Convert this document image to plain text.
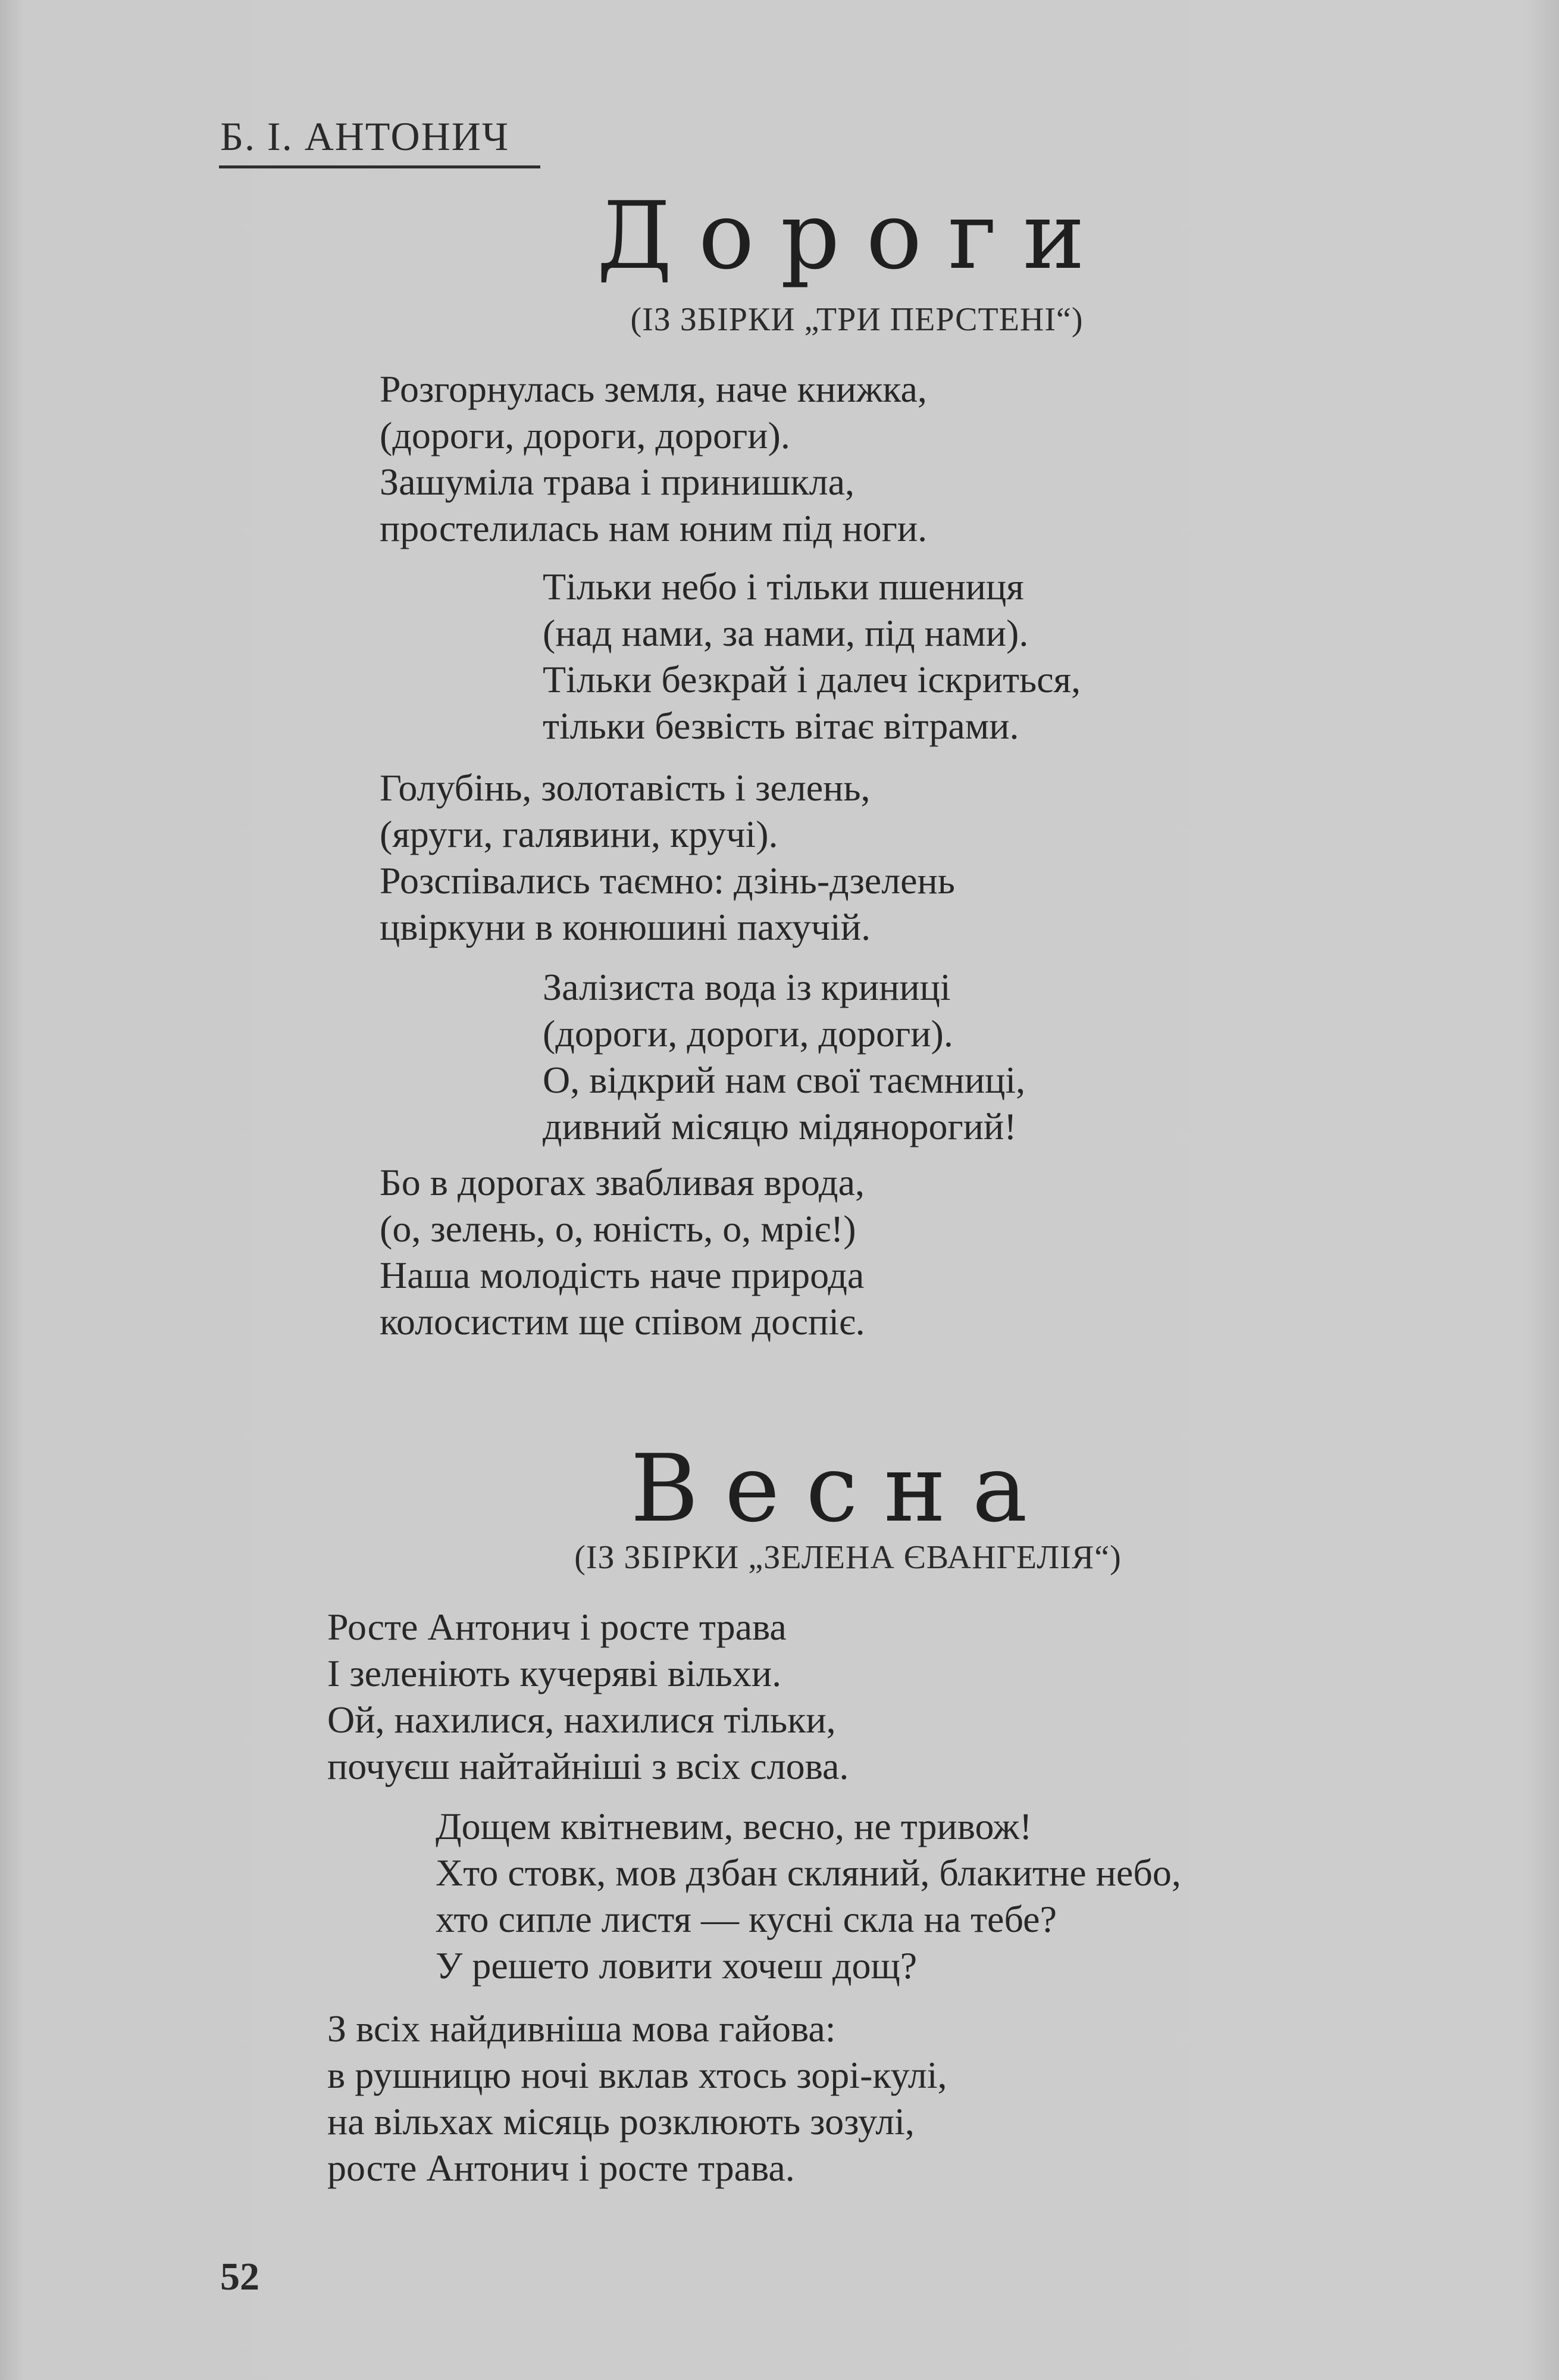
Б. І. АНТОНИЧ
Дороги
(ІЗ ЗБІРКИ „ТРИ ПЕРСТЕНІ“)
Розгорнулась земля, наче книжка,
(дороги, дороги, дороги).
Зашуміла трава і принишкла,
простелилась нам юним під ноги.
Тільки небо і тільки пшениця
(над нами, за нами, під нами).
Тільки безкрай і далеч іскриться,
тільки безвість вітає вітрами.
Голубінь, золотавість і зелень,
(яруги, галявини, кручі).
Розспівались таємно: дзінь-дзелень
цвіркуни в конюшині пахучій.
Залізиста вода із криниці
(дороги, дороги, дороги).
О, відкрий нам свої таємниці,
дивний місяцю мідянорогий!
Бо в дорогах звабливая врода,
(о, зелень, о, юність, о, мріє!)
Наша молодість наче природа
колосистим ще співом доспіє.
Весна
(ІЗ ЗБІРКИ „ЗЕЛЕНА ЄВАНГЕЛІЯ“)
Росте Антонич і росте трава
І зеленіють кучеряві вільхи.
Ой, нахилися, нахилися тільки,
почуєш найтайніші з всіх слова.
Дощем квітневим, весно, не тривож!
Хто стовк, мов дзбан скляний, блакитне небо,
хто сипле листя — куснi скла на тебе?
У решето ловити хочеш дощ?
З всіх найдивніша мова гайова:
в рушницю ночі вклав хтось зорі-кулі,
на вільхах місяць розклюють зозулі,
росте Антонич і росте трава.
52
